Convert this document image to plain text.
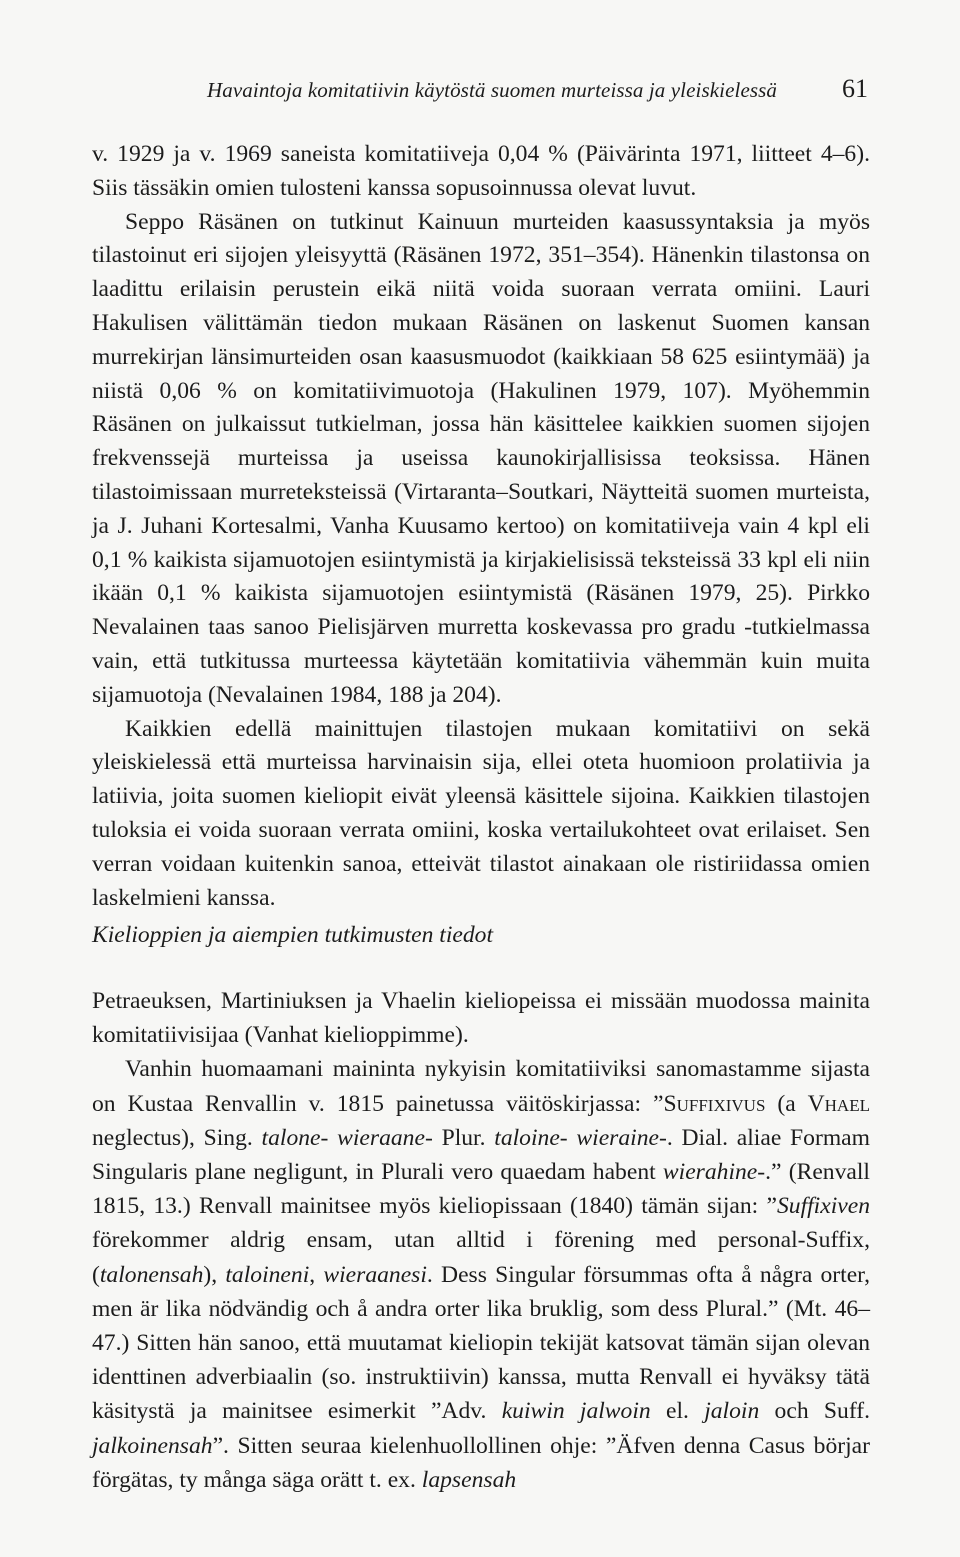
Havaintoja komitatiivin käytöstä suomen murteissa ja yleiskielessä 61

v. 1929 ja v. 1969 saneista komitatiiveja 0,04 % (Päivärinta 1971, liitteet 4–6). Siis tässäkin omien tulosteni kanssa sopusoinnussa olevat luvut.

Seppo Räsänen on tutkinut Kainuun murteiden kaasussyntaksia ja myös tilastoinut eri sijojen yleisyyttä (Räsänen 1972, 351–354). Hänenkin tilastonsa on laadittu erilaisin perustein eikä niitä voida suoraan verrata omiini. Lauri Hakulisen välittämän tiedon mukaan Räsänen on laskenut Suomen kansan murrekirjan länsimurteiden osan kaasusmuodot (kaikkiaan 58 625 esiintymää) ja niistä 0,06 % on komitatiivimuotoja (Hakulinen 1979, 107). Myöhemmin Räsänen on julkaissut tutkielman, jossa hän käsittelee kaikkien suomen sijojen frekvenssejä murteissa ja useissa kaunokirjallisissa teoksissa. Hänen tilastoimissaan murreteksteissä (Virtaranta–Soutkari, Näytteitä suomen murteista, ja J. Juhani Kortesalmi, Vanha Kuusamo kertoo) on komitatiiveja vain 4 kpl eli 0,1 % kaikista sijamuotojen esiintymistä ja kirjakielisissä teksteissä 33 kpl eli niin ikään 0,1 % kaikista sijamuotojen esiintymistä (Räsänen 1979, 25). Pirkko Nevalainen taas sanoo Pielisjärven murretta koskevassa pro gradu -tutkielmassa vain, että tutkitussa murteessa käytetään komitatiivia vähemmän kuin muita sijamuotoja (Nevalainen 1984, 188 ja 204).

Kaikkien edellä mainittujen tilastojen mukaan komitatiivi on sekä yleiskielessä että murteissa harvinaisin sija, ellei oteta huomioon prolatiivia ja latiivia, joita suomen kieliopit eivät yleensä käsittele sijoina. Kaikkien tilastojen tuloksia ei voida suoraan verrata omiini, koska vertailukohteet ovat erilaiset. Sen verran voidaan kuitenkin sanoa, etteivät tilastot ainakaan ole ristiriidassa omien laskelmieni kanssa.

Kielioppien ja aiempien tutkimusten tiedot

Petraeuksen, Martiniuksen ja Vhaelin kieliopeissa ei missään muodossa mainita komitatiivisijaa (Vanhat kielioppimme).

Vanhin huomaamani maininta nykyisin komitatiiviksi sanomastamme sijasta on Kustaa Renvallin v. 1815 painetussa väitöskirjassa: ”Suffixivus (a Vhael neglectus), Sing. talone- wieraane- Plur. taloine- wieraine-. Dial. aliae Formam Singularis plane negligunt, in Plurali vero quaedam habent wierahine-.” (Renvall 1815, 13.) Renvall mainitsee myös kieliopissaan (1840) tämän sijan: ”Suffixiven förekommer aldrig ensam, utan alltid i förening med personal-Suffix, (talonensah), taloineni, wieraanesi. Dess Singular försummas ofta å några orter, men är lika nödvändig och å andra orter lika bruklig, som dess Plural.” (Mt. 46–47.) Sitten hän sanoo, että muutamat kieliopin tekijät katsovat tämän sijan olevan identtinen adverbiaalin (so. instruktiivin) kanssa, mutta Renvall ei hyväksy tätä käsitystä ja mainitsee esimerkit ”Adv. kuiwin jalwoin el. jaloin och Suff. jalkoinensah”. Sitten seuraa kielenhuollollinen ohje: ”Äfven denna Casus börjar förgätas, ty många säga orätt t. ex. lapsensah
